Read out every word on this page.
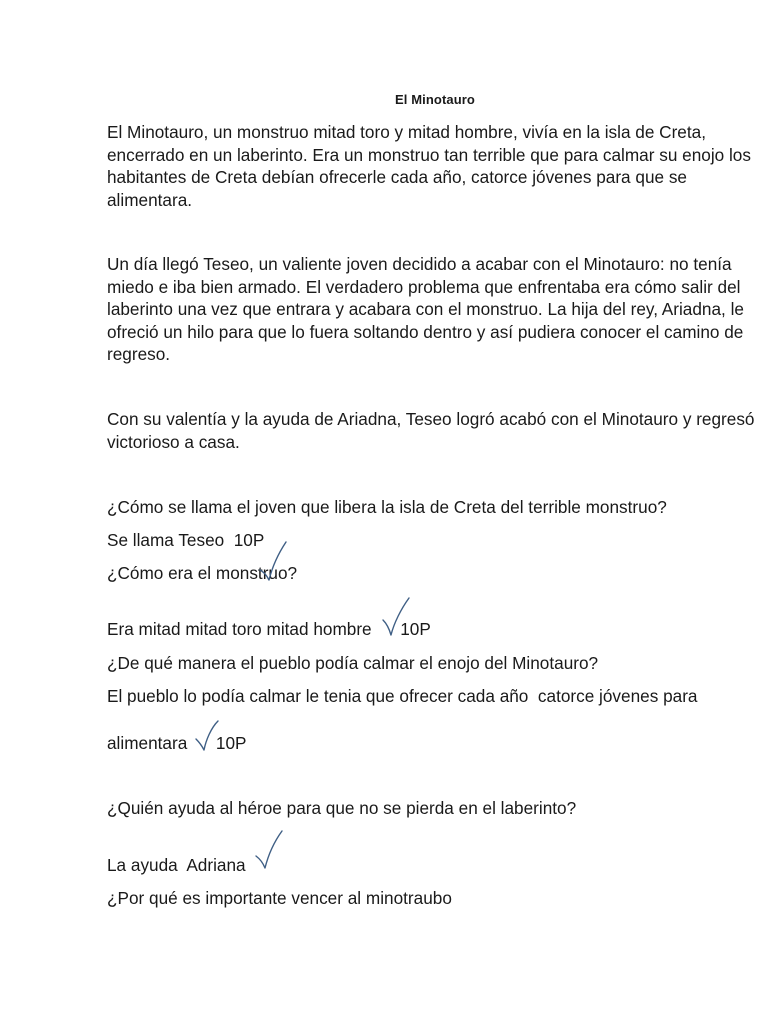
El Minotauro

El Minotauro, un monstruo mitad toro y mitad hombre, vivía en la isla de Creta, encerrado en un laberinto. Era un monstruo tan terrible que para calmar su enojo los habitantes de Creta debían ofrecerle cada año, catorce jóvenes para que se alimentara.

Un día llegó Teseo, un valiente joven decidido a acabar con el Minotauro: no tenía miedo e iba bien armado. El verdadero problema que enfrentaba era cómo salir del laberinto una vez que entrara y acabara con el monstruo. La hija del rey, Ariadna, le ofreció un hilo para que lo fuera soltando dentro y así pudiera conocer el camino de regreso.

Con su valentía y la ayuda de Ariadna, Teseo logró acabó con el Minotauro y regresó victorioso a casa.

¿Cómo se llama el joven que libera la isla de Creta del terrible monstruo?
Se llama Teseo  10P
¿Cómo era el monstruo?
Era mitad mitad toro mitad hombre      10P
¿De qué manera el pueblo podía calmar el enojo del Minotauro?
El pueblo lo podía calmar le tenia que ofrecer cada año  catorce jóvenes para
alimentara      10P
¿Quién ayuda al héroe para que no se pierda en el laberinto?
La ayuda  Adriana
¿Por qué es importante vencer al minotraubo
